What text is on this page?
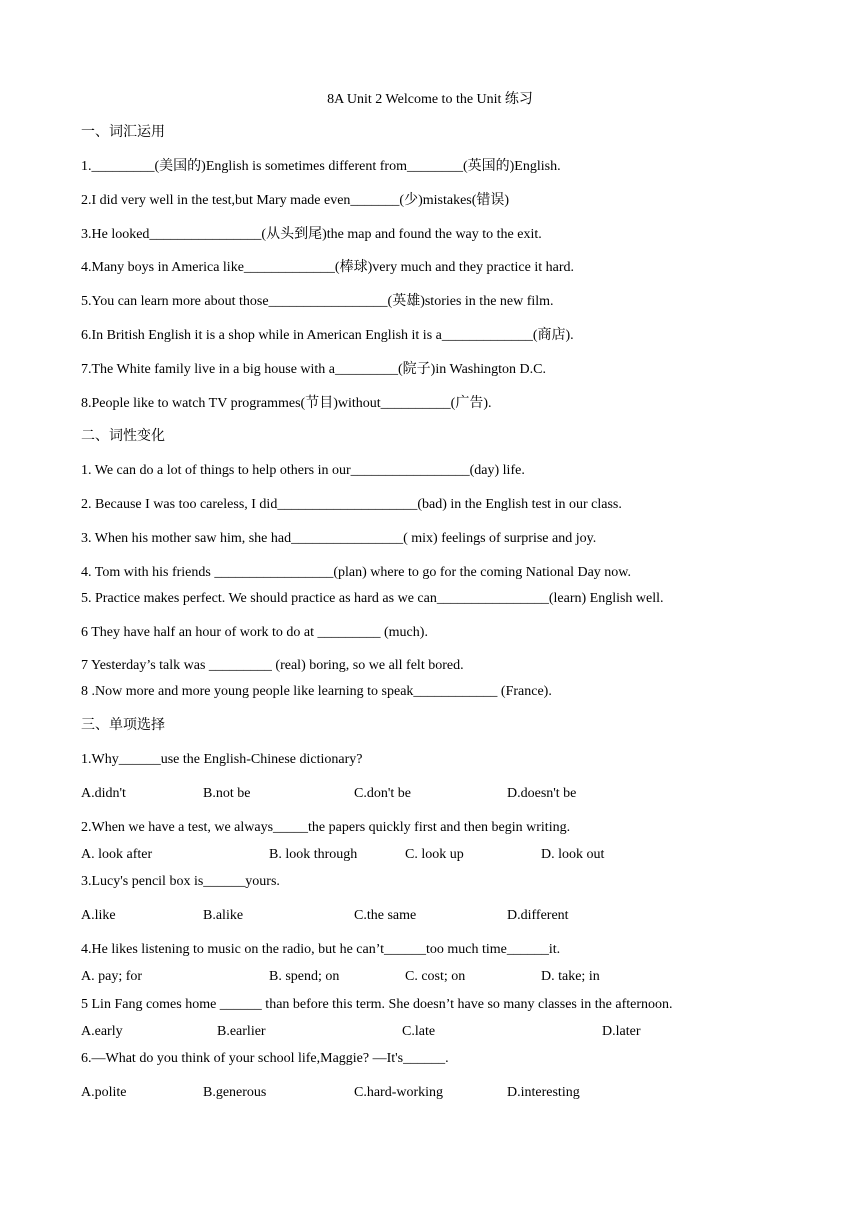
8A Unit 2 Welcome to the Unit 练习
一、词汇运用
1._________(美国的)English is sometimes different from________(英国的)English.
2.I did very well in the test,but Mary made even_______(少)mistakes(错误)
3.He looked________________(从头到尾)the map and found the way to the exit.
4.Many boys in America like_____________(棒球)very much and they practice it hard.
5.You can learn more about those_________________(英雄)stories in the new film.
6.In British English it is a shop while in American English it is a_____________(商店).
7.The White family live in a big house with a_________(院子)in Washington D.C.
8.People like to watch TV programmes(节目)without__________(广告).
二、词性变化
1. We can do a lot of things to help others in our_________________(day) life.
2. Because I was too careless, I did____________________(bad) in the English test in our class.
3. When his mother saw him, she had________________( mix) feelings of surprise and joy.
4. Tom with his friends _________________(plan) where to go for the coming National Day now.
5. Practice makes perfect. We should practice as hard as we can________________(learn) English well.
6 They have half an hour of work to do at _________ (much).
7 Yesterday’s talk was _________ (real) boring, so we all felt bored.
8 .Now more and more young people like learning to speak____________ (France).
三、单项选择
1.Why______use the English-Chinese dictionary?
A.didn't	B.not be	C.don't be	D.doesn't be
2.When we have a test, we always_____the papers quickly first and then begin writing.
A. look after	B. look through	C. look up	D. look out
3.Lucy's pencil box is______yours.
A.like	B.alike	C.the same	D.different
4.He likes listening to music on the radio, but he can’t______too much time______it.
A. pay; for	B. spend; on	C. cost; on	D. take; in
5 Lin Fang comes home ______ than before this term. She doesn’t have so many classes in the afternoon.
A.early	B.earlier	C.late	D.later
6.—What do you think of your school life,Maggie? —It's______.
A.polite	B.generous	C.hard-working	D.interesting
